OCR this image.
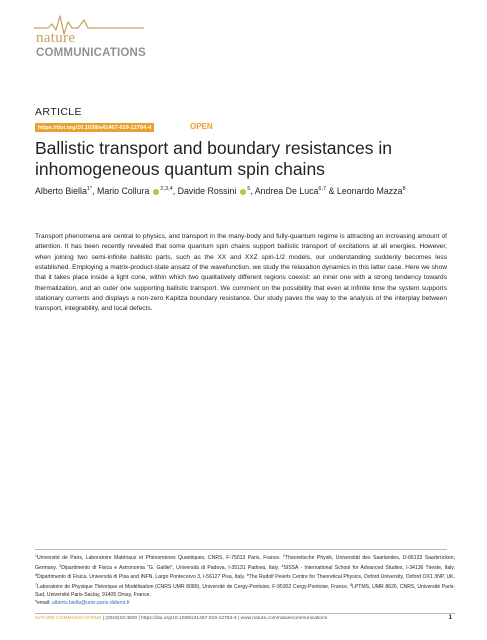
nature
COMMUNICATIONS
ARTICLE
https://doi.org/10.1038/s41467-019-12784-4	OPEN
Ballistic transport and boundary resistances in inhomogeneous quantum spin chains
Alberto Biella$^{1*}$, Mario Collura $^{2,3,4}$, Davide Rossini $^5$, Andrea De Luca$^{6,7}$ & Leonardo Mazza$^8$

Transport phenomena are central to physics, and transport in the many-body and fully-quantum regime is attracting an increasing amount of attention. It has been recently revealed that some quantum spin chains support ballistic transport of excitations at all energies. However, when joining two semi-infinite ballistic parts, such as the XX and XXZ spin-1/2 models, our understanding suddenly becomes less established. Employing a matrix-product-state ansatz of the wavefunction, we study the relaxation dynamics in this latter case. Here we show that it takes place inside a light cone, within which two qualitatively different regions coexist: an inner one with a strong tendency towards thermalization, and an outer one supporting ballistic transport. We comment on the possibility that even at infinite time the system supports stationary currents and displays a non-zero Kapitza boundary resistance. Our study paves the way to the analysis of the interplay between transport, integrability, and local defects.

$^1$Université de Paris, Laboratoire Matériaux et Phénomènes Quantiques, CNRS, F-75013 Paris, France. $^2$Theoretische Physik, Universität des Saarlandes, D-66123 Saarbrücken, Germany. $^3$Dipartimento di Fisica e Astronomia "G. Galilei", Università di Padova, I-35131 Padova, Italy. $^4$SISSA - International School for Advanced Studies, I-34136 Trieste, Italy. $^5$Dipartimento di Fisica, Università di Pisa and INFN, Largo Pontecorvo 3, I-56127 Pisa, Italy. $^6$The Rudolf Peierls Centre for Theoretical Physics, Oxford University, Oxford OX1 3NP, UK. $^7$Laboratoire de Physique Théorique et Modélisation (CNRS UMR 8089), Université de Cergy-Pontoise, F-95302 Cergy-Pontoise, France. $^8$LPTMS, UMR 8626, CNRS, Université Paris-Sud, Université Paris-Saclay, 91405 Orsay, France.
*email: alberto.biella@univ-paris-diderot.fr

NATURE COMMUNICATIONS | (2019)10:4820 | https://doi.org/10.1038/s41467-019-12784-4 | www.nature.com/naturecommunications	1
